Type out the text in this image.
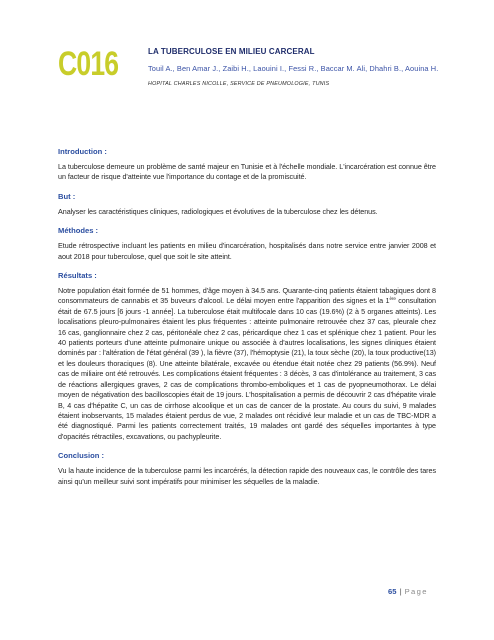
C016	LA TUBERCULOSE EN MILIEU CARCERAL
Touil A., Ben Amar J., Zaibi H., Laouini I., Fessi R., Baccar M. Ali, Dhahri B., Aouina H.
HOPITAL CHARLES NICOLLE, SERVICE DE PNEUMOLOGIE, TUNIS
Introduction :

La tuberculose demeure un problème de santé majeur en Tunisie et à l'échelle mondiale. L'incarcération est connue être un facteur de risque d'atteinte vue l'importance du contage et de la promiscuité.

But :

Analyser les caractéristiques cliniques, radiologiques et évolutives de la tuberculose chez les détenus.

Méthodes :

Etude rétrospective incluant les patients en milieu d'incarcération, hospitalisés dans notre service entre janvier 2008 et aout 2018 pour tuberculose, quel que soit le site atteint.

Résultats :

Notre population était formée de 51 hommes, d'âge moyen à 34.5 ans. Quarante-cinq patients étaient tabagiques dont 8 consommateurs de cannabis et 35 buveurs d'alcool. Le délai moyen entre l'apparition des signes et la 1ère consultation était de 67.5 jours [6 jours -1 année]. La tuberculose était multifocale dans 10 cas (19.6%) (2 à 5 organes atteints). Les localisations pleuro-pulmonaires étaient les plus fréquentes : atteinte pulmonaire retrouvée chez 37 cas, pleurale chez 16 cas, ganglionnaire chez 2 cas, péritonéale chez 2 cas, péricardique chez 1 cas et splénique chez 1 patient. Pour les 40 patients porteurs d'une atteinte pulmonaire unique ou associée à d'autres localisations, les signes cliniques étaient dominés par : l'altération de l'état général (39 ), la fièvre (37), l'hémoptysie (21), la toux sèche (20), la toux productive(13) et les douleurs thoraciques (8). Une atteinte bilatérale, excavée ou étendue était notée chez 29 patients (56.9%). Neuf cas de miliaire ont été retrouvés. Les complications étaient fréquentes : 3 décès, 3 cas d'intolérance au traitement, 3 cas de réactions allergiques graves, 2 cas de complications thrombo-emboliques et 1 cas de pyopneumothorax. Le délai moyen de négativation des bacilloscopies était de 19 jours. L'hospitalisation a permis de découvrir 2 cas d'hépatite virale B, 4 cas d'hépatite C, un cas de cirrhose alcoolique et un cas de cancer de la prostate. Au cours du suivi, 9 malades étaient inobservants, 15 malades étaient perdus de vue, 2 malades ont récidivé leur maladie et un cas de TBC-MDR a été diagnostiqué. Parmi les patients correctement traités, 19 malades ont gardé des séquelles importantes à type d'opacités rétractiles, excavations, ou pachypleurite.

Conclusion :

Vu la haute incidence de la tuberculose parmi les incarcérés, la détection rapide des nouveaux cas, le contrôle des tares ainsi qu'un meilleur suivi sont impératifs pour minimiser les séquelles de la maladie.

65 | Page
